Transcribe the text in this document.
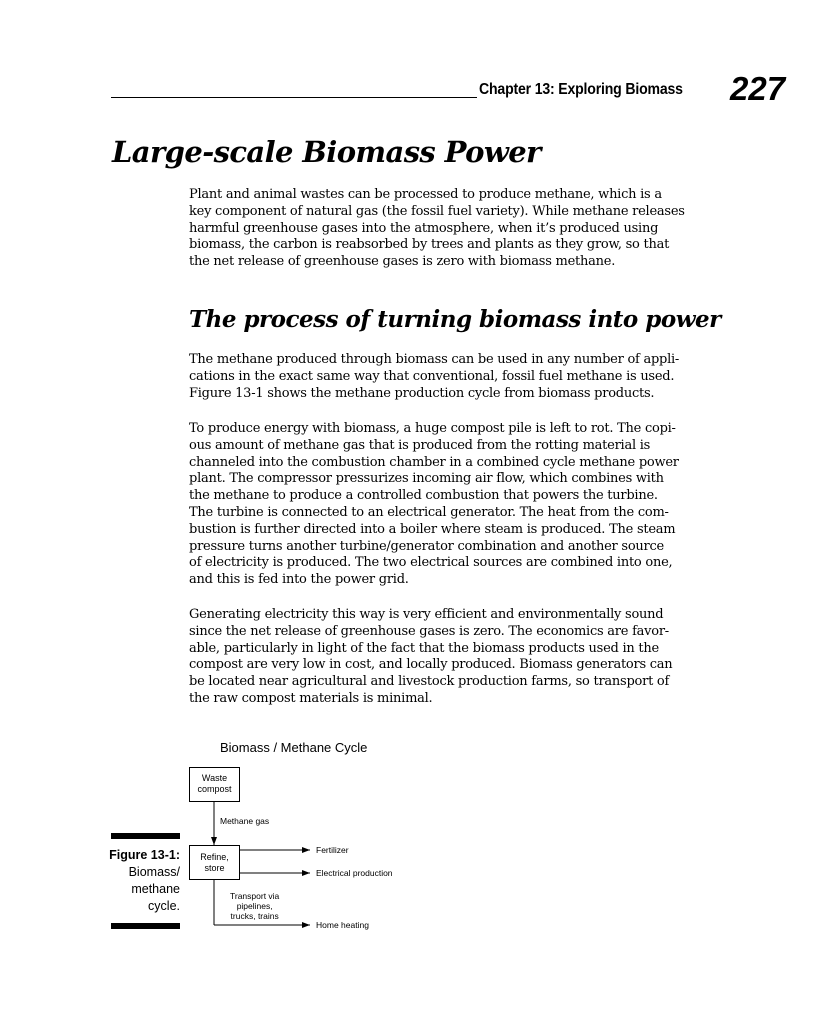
Chapter 13: Exploring Biomass 227
Large-scale Biomass Power

Plant and animal wastes can be processed to produce methane, which is a
key component of natural gas (the fossil fuel variety). While methane releases
harmful greenhouse gases into the atmosphere, when it’s produced using
biomass, the carbon is reabsorbed by trees and plants as they grow, so that
the net release of greenhouse gases is zero with biomass methane.

The process of turning biomass into power

The methane produced through biomass can be used in any number of appli-
cations in the exact same way that conventional, fossil fuel methane is used.
Figure 13-1 shows the methane production cycle from biomass products.

To produce energy with biomass, a huge compost pile is left to rot. The copi-
ous amount of methane gas that is produced from the rotting material is
channeled into the combustion chamber in a combined cycle methane power
plant. The compressor pressurizes incoming air flow, which combines with
the methane to produce a controlled combustion that powers the turbine.
The turbine is connected to an electrical generator. The heat from the com-
bustion is further directed into a boiler where steam is produced. The steam
pressure turns another turbine/generator combination and another source
of electricity is produced. The two electrical sources are combined into one,
and this is fed into the power grid.

Generating electricity this way is very efficient and environmentally sound
since the net release of greenhouse gases is zero. The economics are favor-
able, particularly in light of the fact that the biomass products used in the
compost are very low in cost, and locally produced. Biomass generators can
be located near agricultural and livestock production farms, so transport of
the raw compost materials is minimal.

Biomass / Methane Cycle
Waste
compost
Methane gas
Refine,
store
Fertilizer
Electrical production
Transport via
pipelines,
trucks, trains
Home heating
Figure 13-1:
Biomass/
methane
cycle.
